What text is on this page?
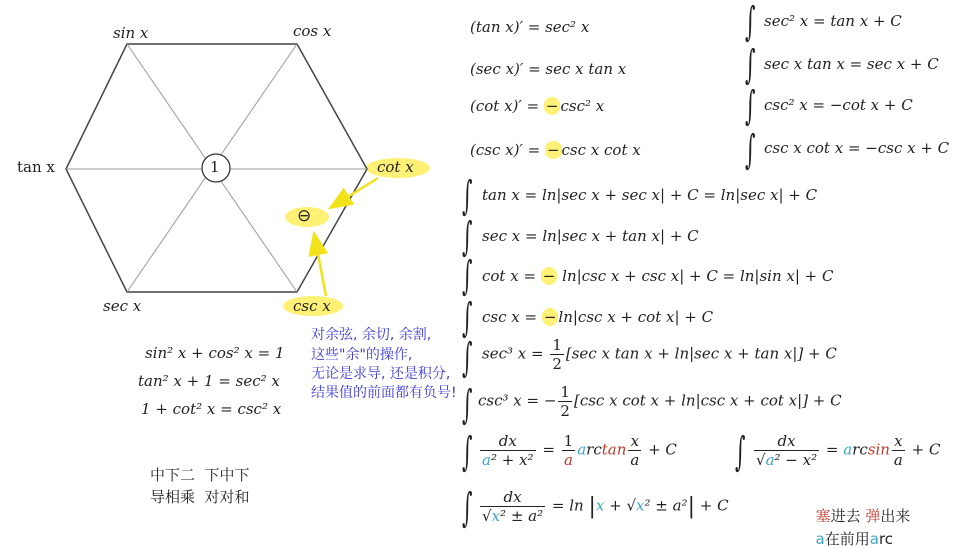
1
⊖
sin x	cos x
tan x	cot x
sec x	csc x
对余弦, 余切, 余割,
这些"余"的操作,
无论是求导, 还是积分,
结果值的前面都有负号!
sin² x + cos² x = 1
tan² x + 1 = sec² x
1 + cot² x = csc² x
中下二  下中下
导相乘  对对和
(tan x)′ = sec² x
(sec x)′ = sec x tan x
(cot x)′ = − csc² x
(csc x)′ = − csc x cot x
∫ sec² x = tan x + C
∫ sec x tan x = sec x + C
∫ csc² x = −cot x + C
∫ csc x cot x = −csc x + C
∫ tan x = ln|sec x + sec x| + C = ln|sec x| + C
∫ sec x = ln|sec x + tan x| + C
∫ cot x = − ln|csc x + csc x| + C = ln|sin x| + C
∫ csc x = − ln|csc x + cot x| + C
∫ sec³ $x = \frac{1}{2} [\sec$ x tan x + ln|sec x + tan x|] + C
∫ csc³ x = − $\frac{1}{2} [\csc$ x cot x + ln|csc x + cot x|] + C
∫ $\frac{dx}{\text{a² + x²}} = \frac{1}{a}$ $\arctan \frac{x}{a} + C$ ∫ $\frac{dx}{\text{√a² − x²}} = \arcsin \frac{x}{a} + C$
∫ $\frac{dx}{\text{√x² ± a²}} = \ln |x + √x^2 \pm a^2| + C$

塞进去 弹出来

a在前用arc
